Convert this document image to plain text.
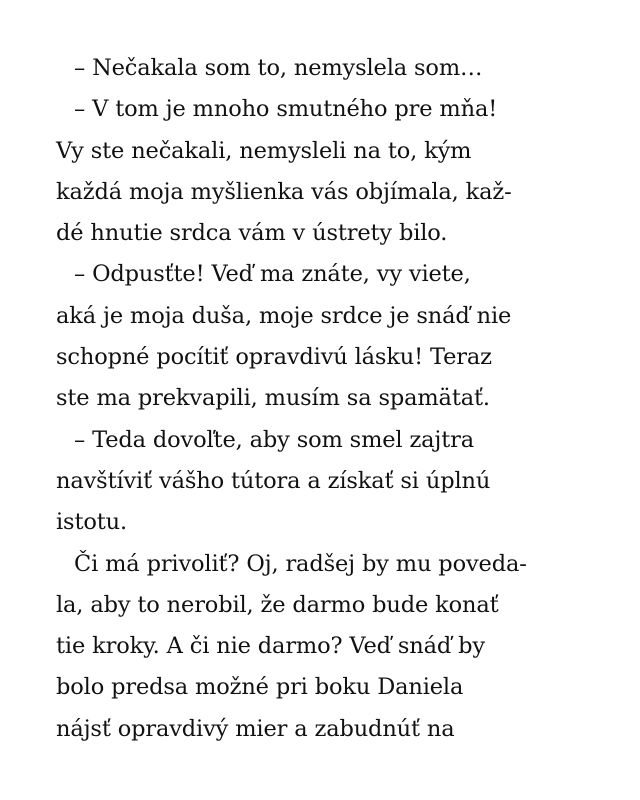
– Nečakala som to, nemyslela som…
– V tom je mnoho smutného pre mňa!
Vy ste nečakali, nemysleli na to, kým
každá moja myšlienka vás objímala, kaž-
dé hnutie srdca vám v ústrety bilo.
– Odpusťte! Veď ma znáte, vy viete,
aká je moja duša, moje srdce je snáď nie
schopné pocítiť opravdivú lásku! Teraz
ste ma prekvapili, musím sa spamätať.
– Teda dovoľte, aby som smel zajtra
navštíviť vášho tútora a získať si úplnú
istotu.
Či má privoliť? Oj, radšej by mu poveda-
la, aby to nerobil, že darmo bude konať
tie kroky. A či nie darmo? Veď snáď by
bolo predsa možné pri boku Daniela
nájsť opravdivý mier a zabudnúť na
